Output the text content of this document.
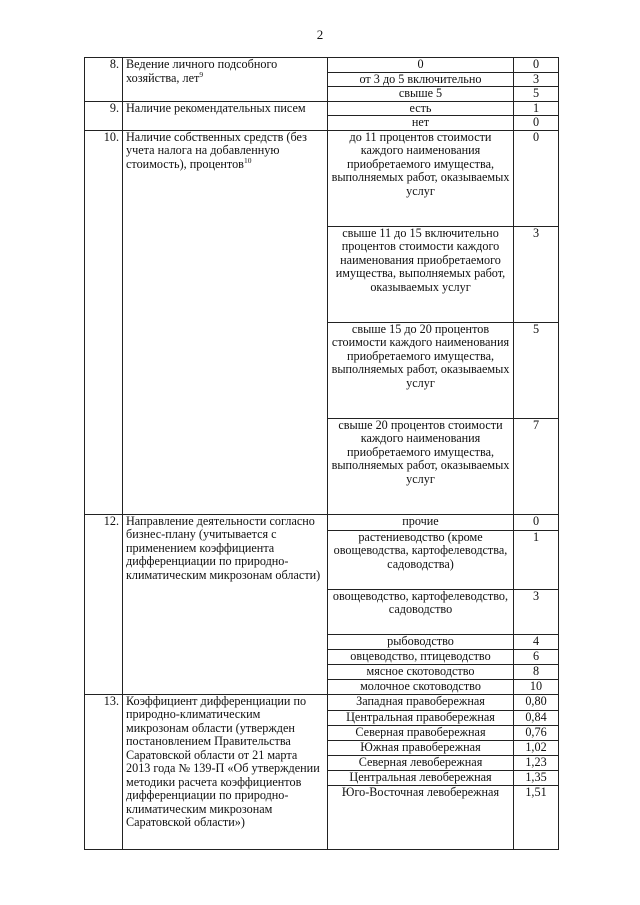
2
8.	Ведение личного подсобного хозяйства, лет$^9$	0	0
		от 3 до 5 включительно	3
		свыше 5	5
9.	Наличие рекомендательных писем	есть	1
		нет	0
10.	Наличие собственных средств (без учета налога на добавленную стоимость), процентов$^{10}$	до 11 процентов стоимости каждого наименования приобретаемого имущества, выполняемых работ, оказываемых услуг	0
		свыше 11 до 15 включительно процентов стоимости каждого наименования приобретаемого имущества, выполняемых работ, оказываемых услуг	3
		свыше 15 до 20 процентов стоимости каждого наименования приобретаемого имущества, выполняемых работ, оказываемых услуг	5
		свыше 20 процентов стоимости каждого наименования приобретаемого имущества, выполняемых работ, оказываемых услуг	7
12.	Направление деятельности согласно бизнес-плану (учитывается с применением коэффициента дифференциации по природно-климатическим микрозонам области)	прочие	0
		растениеводство (кроме овощеводства, картофелеводства, садоводства)	1
		овощеводство, картофелеводство, садоводство	3
		рыбоводство	4
		овцеводство, птицеводство	6
		мясное скотоводство	8
		молочное скотоводство	10
13.	Коэффициент дифференциации по природно-климатическим микрозонам области (утвержден постановлением Правительства Саратовской области от 21 марта 2013 года № 139-П «Об утверждении методики расчета коэффициентов дифференциации по природно-климатическим микрозонам Саратовской области»)	Западная правобережная	0,80
		Центральная правобережная	0,84
		Северная правобережная	0,76
		Южная правобережная	1,02
		Северная левобережная	1,23
		Центральная левобережная	1,35
		Юго-Восточная левобережная	1,51
